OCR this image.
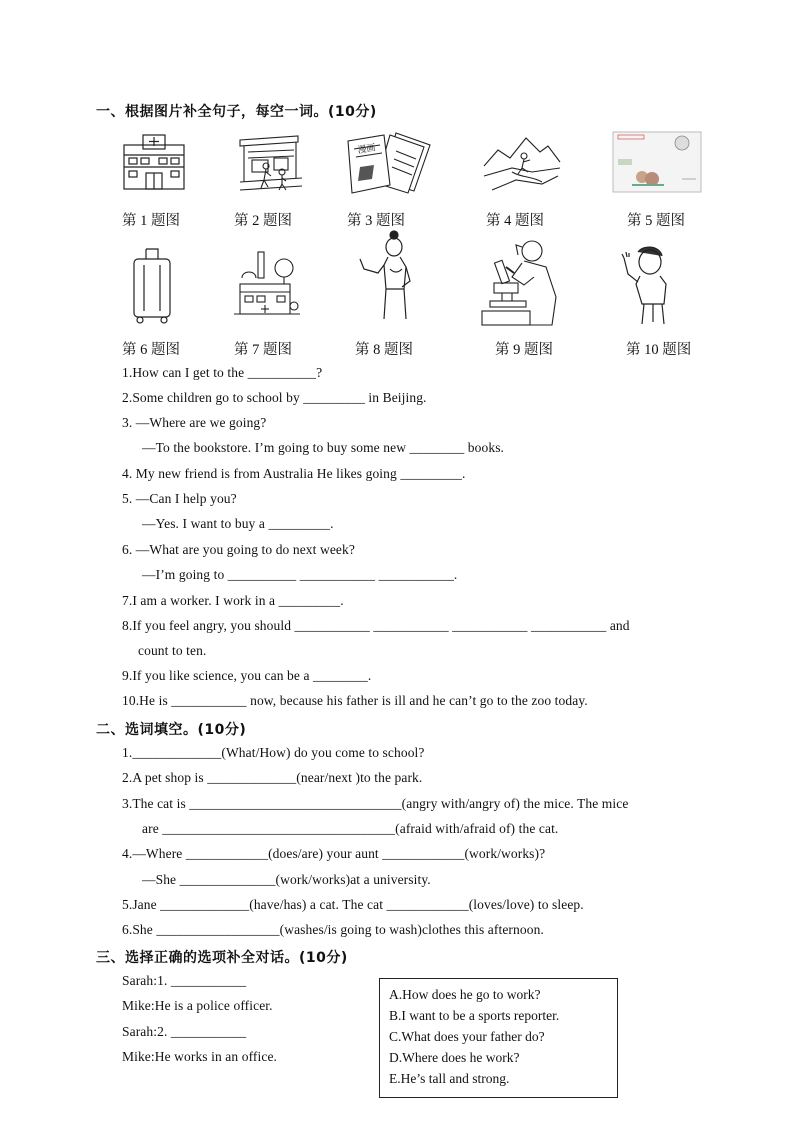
一、根据图片补全句子，每空一词。(10分)
漫画
第 1 题图	第 2 题图	第 3 题图	第 4 题图	第 5 题图
第 6 题图	第 7 题图	第 8 题图	第 9 题图	第 10 题图
1.How can I get to the __________?
2.Some children go to school by _________ in Beijing.
3. —Where are we going?
—To the bookstore. I’m going to buy some new ________ books.
4. My new friend is from Australia He likes going _________.
5. —Can I help you?
—Yes. I want to buy a _________.
6. —What are you going to do next week?
—I’m going to __________ ___________ ___________.
7.I am a worker. I work in a _________.
8.If you feel angry, you should ___________ ___________ ___________ ___________ and
count to ten.
9.If you like science, you can be a ________.
10.He is ___________ now, because his father is ill and he can’t go to the zoo today.
二、选词填空。(10分)
1._____________(What/How) do you come to school?
2.A pet shop is _____________(near/next )to the park.
3.The cat is _______________________________(angry with/angry of) the mice. The mice
are __________________________________(afraid with/afraid of) the cat.
4.—Where ____________(does/are) your aunt ____________(work/works)?
—She ______________(work/works)at a university.
5.Jane _____________(have/has) a cat. The cat ____________(loves/love) to sleep.
6.She __________________(washes/is going to wash)clothes this afternoon.
三、选择正确的选项补全对话。(10分)
Sarah:1. ___________
Mike:He is a police officer.
Sarah:2. ___________
Mike:He works in an office.
A.How does he go to work?
B.I want to be a sports reporter.
C.What does your father do?
D.Where does he work?
E.He’s tall and strong.
